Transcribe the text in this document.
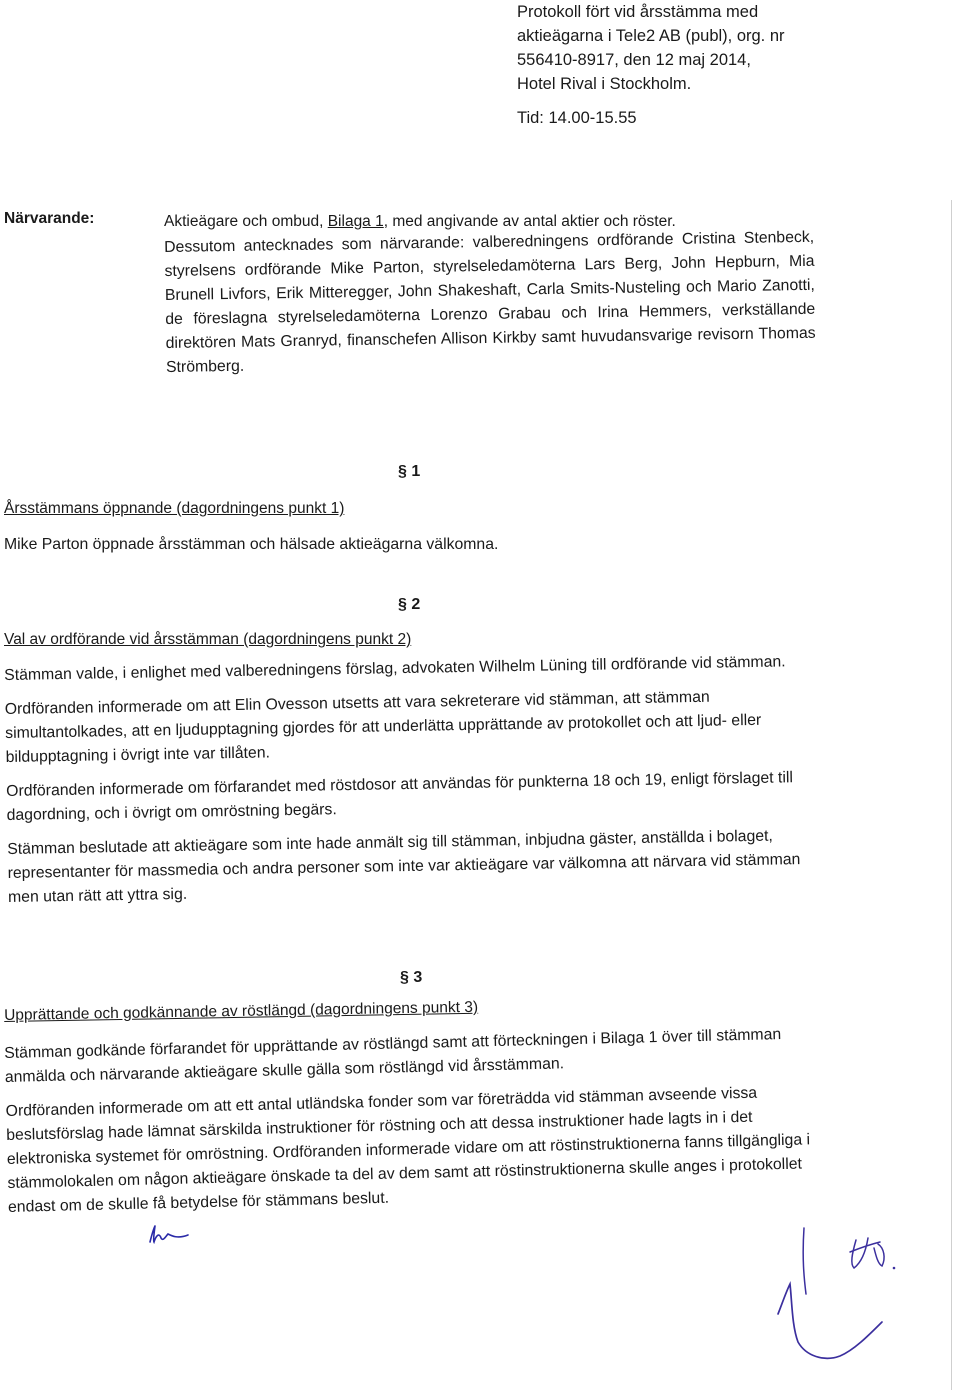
Protokoll fört vid årsstämma med

aktieägarna i Tele2 AB (publ), org. nr

556410-8917, den 12 maj 2014,

Hotel Rival i Stockholm.

Tid: 14.00-15.55

Närvarande:	Aktieägare och ombud, Bilaga 1, med angivande av antal aktier och röster.

Dessutom antecknades som närvarande: valberedningens ordförande Cristina Stenbeck, styrelsens ordförande Mike Parton, styrelseledamöterna Lars Berg, John Hepburn, Mia Brunell Livfors, Erik Mitteregger, John Shakeshaft, Carla Smits-Nusteling och Mario Zanotti, de föreslagna styrelseledamöterna Lorenzo Grabau och Irina Hemmers, verkställande direktören Mats Granryd, finanschefen Allison Kirkby samt huvudansvarige revisorn Thomas Strömberg.

§ 1
Årsstämmans öppnande (dagordningens punkt 1)

Mike Parton öppnade årsstämman och hälsade aktieägarna välkomna.

§ 2
Val av ordförande vid årsstämman (dagordningens punkt 2)

Stämman valde, i enlighet med valberedningens förslag, advokaten Wilhelm Lüning till ordförande vid stämman.

Ordföranden informerade om att Elin Ovesson utsetts att vara sekreterare vid stämman, att stämman simultantolkades, att en ljudupptagning gjordes för att underlätta upprättande av protokollet och att ljud- eller bildupptagning i övrigt inte var tillåten.

Ordföranden informerade om förfarandet med röstdosor att användas för punkterna 18 och 19, enligt förslaget till dagordning, och i övrigt om omröstning begärs.

Stämman beslutade att aktieägare som inte hade anmält sig till stämman, inbjudna gäster, anställda i bolaget, representanter för massmedia och andra personer som inte var aktieägare var välkomna att närvara vid stämman men utan rätt att yttra sig.

§ 3
Upprättande och godkännande av röstlängd (dagordningens punkt 3)

Stämman godkände förfarandet för upprättande av röstlängd samt att förteckningen i Bilaga 1 över till stämman anmälda och närvarande aktieägare skulle gälla som röstlängd vid årsstämman.

Ordföranden informerade om att ett antal utländska fonder som var företrädda vid stämman avseende vissa beslutsförslag hade lämnat särskilda instruktioner för röstning och att dessa instruktioner hade lagts in i det elektroniska systemet för omröstning. Ordföranden informerade vidare om att röstinstruktionerna fanns tillgängliga i stämmolokalen om någon aktieägare önskade ta del av dem samt att röstinstruktionerna skulle anges i protokollet endast om de skulle få betydelse för stämmans beslut.
